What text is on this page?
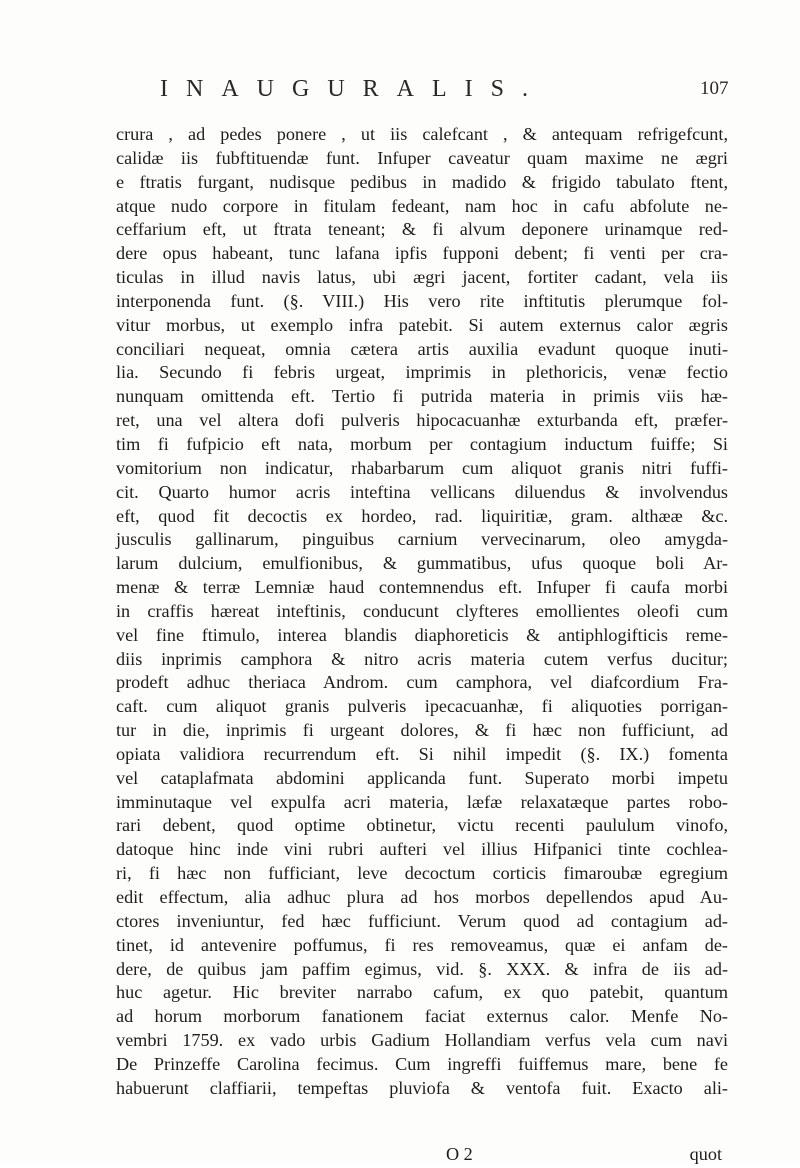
INAUGURALIS.	107
crura , ad pedes ponere , ut iis calefcant , & antequam refrigefcunt,
calidæ iis fubftituendæ funt. Infuper caveatur quam maxime ne ægri
e ftratis furgant, nudisque pedibus in madido & frigido tabulato ftent,
atque nudo corpore in fitulam fedeant, nam hoc in cafu abfolute ne-
ceffarium eft, ut ftrata teneant; & fi alvum deponere urinamque red-
dere opus habeant, tunc lafana ipfis fupponi debent; fi venti per cra-
ticulas in illud navis latus, ubi ægri jacent, fortiter cadant, vela iis
interponenda funt. (§. VIII.) His vero rite inftitutis plerumque fol-
vitur morbus, ut exemplo infra patebit. Si autem externus calor ægris
conciliari nequeat, omnia cætera artis auxilia evadunt quoque inuti-
lia. Secundo fi febris urgeat, imprimis in plethoricis, venæ fectio
nunquam omittenda eft. Tertio fi putrida materia in primis viis hæ-
ret, una vel altera dofi pulveris hipocacuanhæ exturbanda eft, præfer-
tim fi fufpicio eft nata, morbum per contagium inductum fuiffe; Si
vomitorium non indicatur, rhabarbarum cum aliquot granis nitri fuffi-
cit. Quarto humor acris inteftina vellicans diluendus & involvendus
eft, quod fit decoctis ex hordeo, rad. liquiritiæ, gram. althææ &c.
jusculis gallinarum, pinguibus carnium vervecinarum, oleo amygda-
larum dulcium, emulfionibus, & gummatibus, ufus quoque boli Ar-
menæ & terræ Lemniæ haud contemnendus eft. Infuper fi caufa morbi
in craffis hæreat inteftinis, conducunt clyfteres emollientes oleofi cum
vel fine ftimulo, interea blandis diaphoreticis & antiphlogifticis reme-
diis inprimis camphora & nitro acris materia cutem verfus ducitur;
prodeft adhuc theriaca Androm. cum camphora, vel diafcordium Fra-
caft. cum aliquot granis pulveris ipecacuanhæ, fi aliquoties porrigan-
tur in die, inprimis fi urgeant dolores, & fi hæc non fufficiunt, ad
opiata validiora recurrendum eft. Si nihil impedit (§. IX.) fomenta
vel cataplafmata abdomini applicanda funt. Superato morbi impetu
imminutaque vel expulfa acri materia, læfæ relaxatæque partes robo-
rari debent, quod optime obtinetur, victu recenti paululum vinofo,
datoque hinc inde vini rubri aufteri vel illius Hifpanici tinte cochlea-
ri, fi hæc non fufficiant, leve decoctum corticis fimaroubæ egregium
edit effectum, alia adhuc plura ad hos morbos depellendos apud Au-
ctores inveniuntur, fed hæc fufficiunt. Verum quod ad contagium ad-
tinet, id antevenire poffumus, fi res removeamus, quæ ei anfam de-
dere, de quibus jam paffim egimus, vid. §. XXX. & infra de iis ad-
huc agetur. Hic breviter narrabo cafum, ex quo patebit, quantum
ad horum morborum fanationem faciat externus calor. Menfe No-
vembri 1759. ex vado urbis Gadium Hollandiam verfus vela cum navi
De Prinzeffe Carolina fecimus. Cum ingreffi fuiffemus mare, bene fe
habuerunt claffiarii, tempeftas pluviofa & ventofa fuit. Exacto ali-
O 2	quot
